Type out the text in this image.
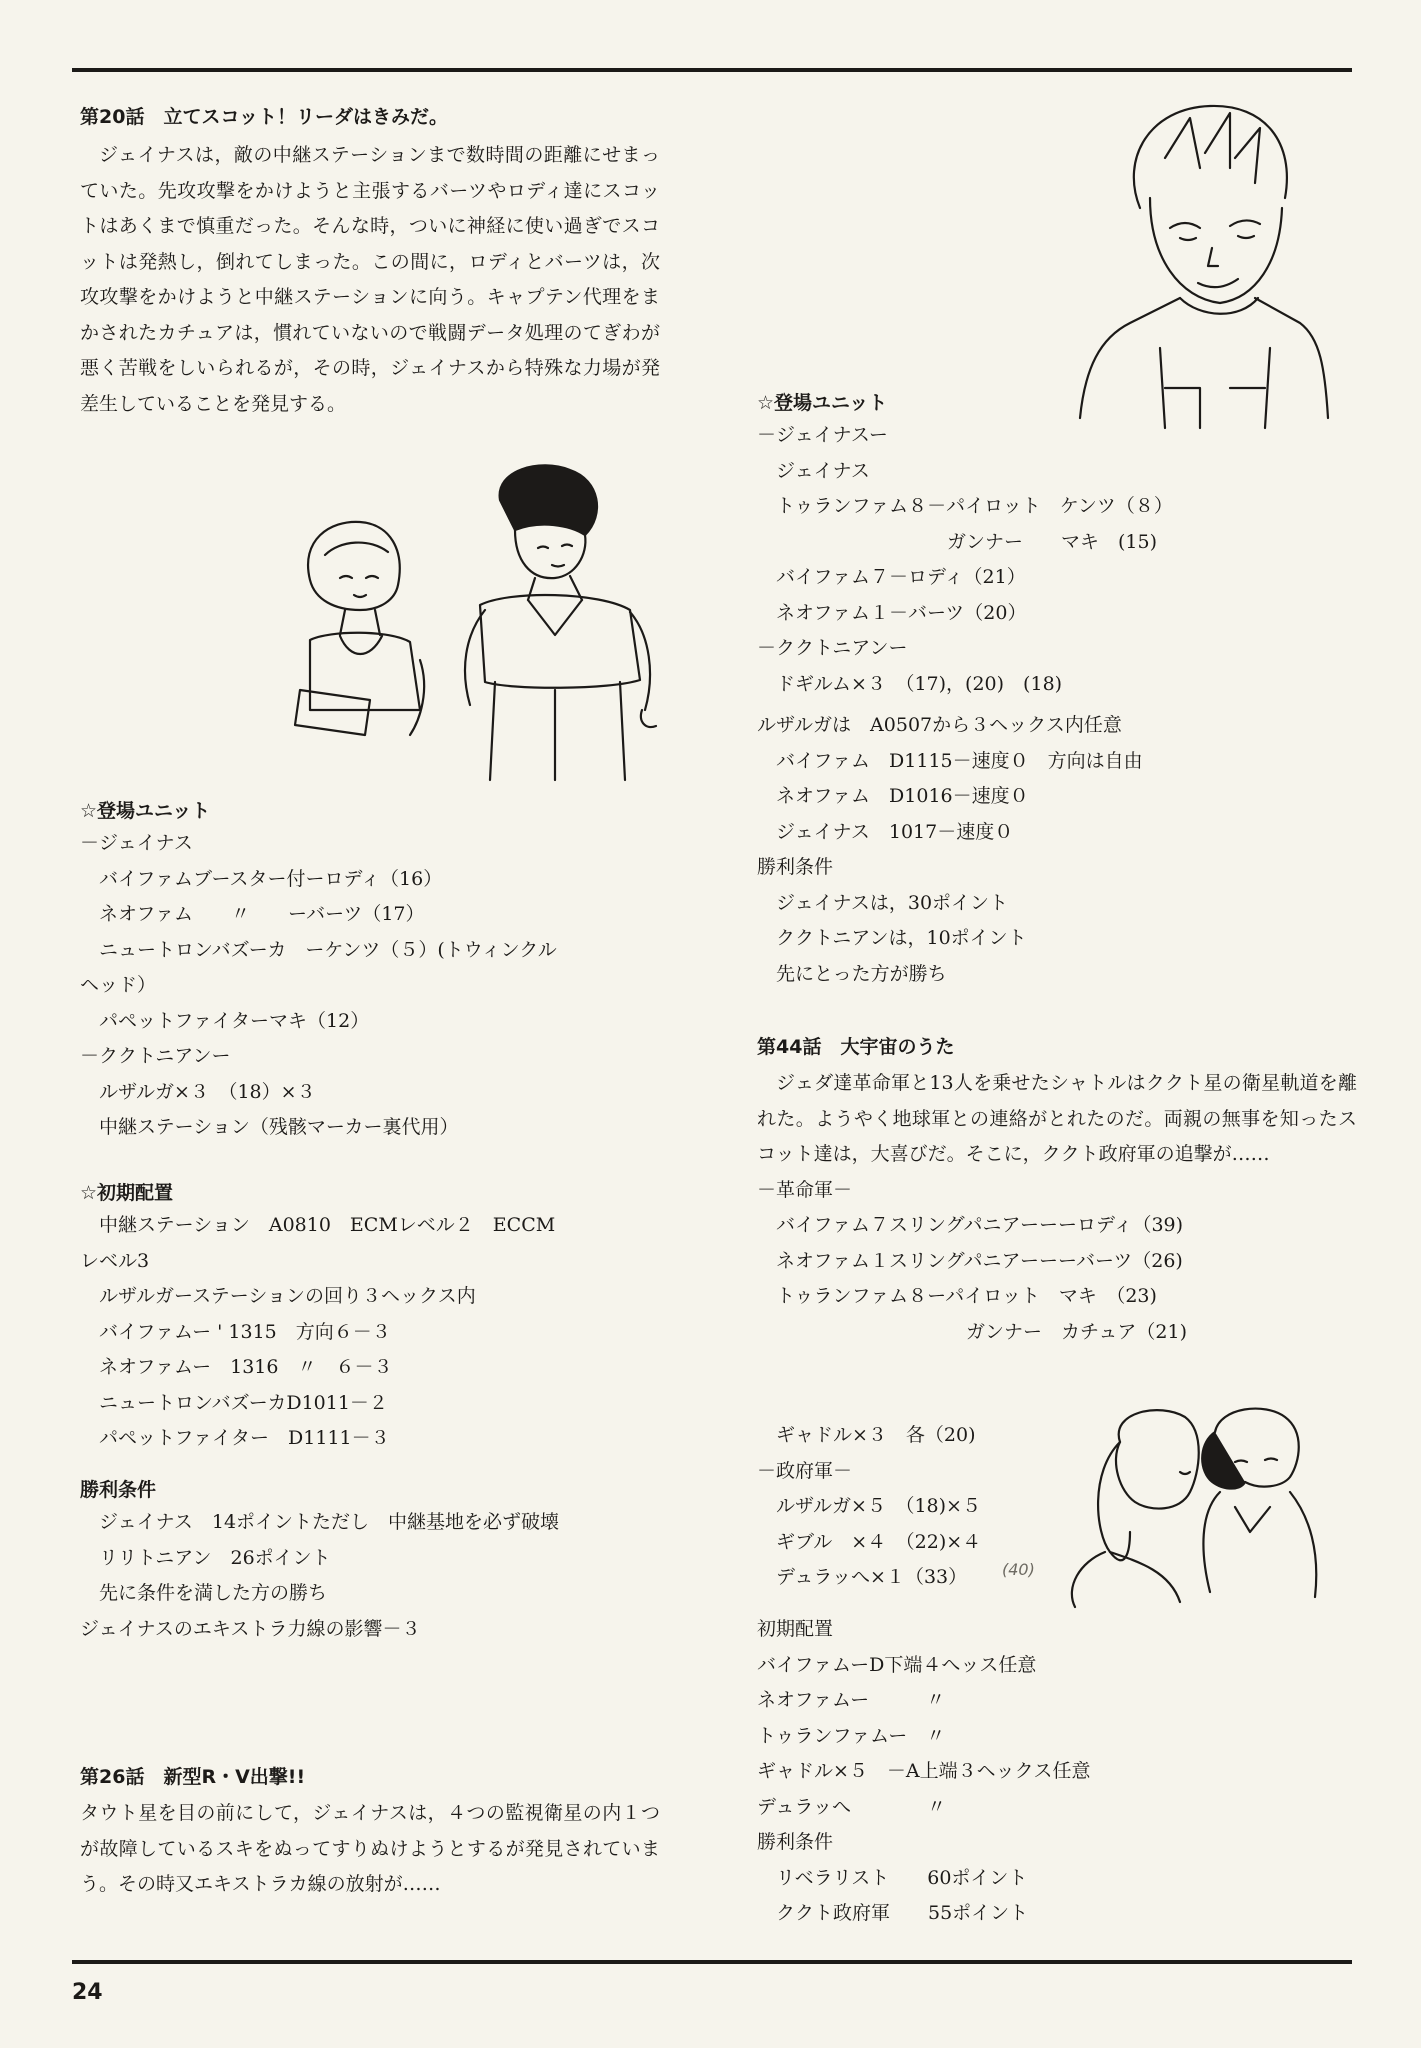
第20話　立てスコット！リーダはきみだ。
ジェイナスは，敵の中継ステーションまで数時間の距離にせまっていた。先攻攻撃をかけようと主張するバーツやロディ達にスコットはあくまで慎重だった。そんな時，ついに神経に使い過ぎでスコットは発熱し，倒れてしまった。この間に，ロディとバーツは，次攻攻撃をかけようと中継ステーションに向う。キャプテン代理をまかされたカチュアは，慣れていないので戦闘データ処理のてぎわが悪く苦戦をしいられるが，その時，ジェイナスから特殊な力場が発差生していることを発見する。
☆登場ユニット
－ジェイナス
　バイファムブースター付ーロディ（16）
　ネオファム　　〃　　ーバーツ（17）
　ニュートロンバズーカ　ーケンツ（５）(トウィンクル
ヘッド）
　パペットファイターマキ（12）
－ククトニアンー
　ルザルガ×３　（18）×３
　中継ステーション（残骸マーカー裏代用）
☆初期配置
　中継ステーション　A0810　ECMレベル２　ECCM
レベル3
　ルザルガーステーションの回り３ヘックス内
　バイファムー ' 1315　方向６－３
　ネオファムー　1316　〃　６－３
　ニュートロンバズーカD1011－２
　パペットファイター　D1111－３
勝利条件
　ジェイナス　14ポイントただし　中継基地を必ず破壊
　リリトニアン　26ポイント
　先に条件を満した方の勝ち
ジェイナスのエキストラ力線の影響－３
第26話　新型R・V出撃!!
タウト星を目の前にして，ジェイナスは，４つの監視衛星の内１つが故障しているスキをぬってすりぬけようとするが発見されていまう。その時又エキストラカ線の放射が……
☆登場ユニット
－ジェイナスー
　ジェイナス
　トゥランファム８－パイロット　ケンツ（８）
　　　　　　　　　　ガンナー　　マキ　(15)
　バイファム７－ロディ（21）
　ネオファム１－バーツ（20）
－ククトニアンー
　ドギルム×３　（17)，(20)　(18)
ルザルガは　A0507から３ヘックス内任意
　バイファム　D1115－速度０　方向は自由
　ネオファム　D1016－速度０
　ジェイナス　1017－速度０
勝利条件
　ジェイナスは，30ポイント
　ククトニアンは，10ポイント
　先にとった方が勝ち
第44話　大宇宙のうた
ジェダ達革命軍と13人を乗せたシャトルはククト星の衛星軌道を離れた。ようやく地球軍との連絡がとれたのだ。両親の無事を知ったスコット達は，大喜びだ。そこに，ククト政府軍の追撃が……
－革命軍－
　バイファム７スリングパニアーーーロディ（39)
　ネオファム１スリングパニアーーーバーツ（26)
　トゥランファム８ーパイロット　マキ　（23)
　　　　　　　　　　　ガンナー　カチュア（21)
　ギャドル×３　各（20)
－政府軍－
　ルザルガ×５　（18)×５
　ギブル　×４　（22)×４
　デュラッへ×１（33）	(40)
初期配置
バイファムーD下端４へッス任意
ネオファムー　　　〃
トゥランファムー　〃
ギャドル×５　－A上端３ヘックス任意
デュラッへ　　　　〃
勝利条件
　リベラリスト　　60ポイント
　ククト政府軍　　55ポイント
24
